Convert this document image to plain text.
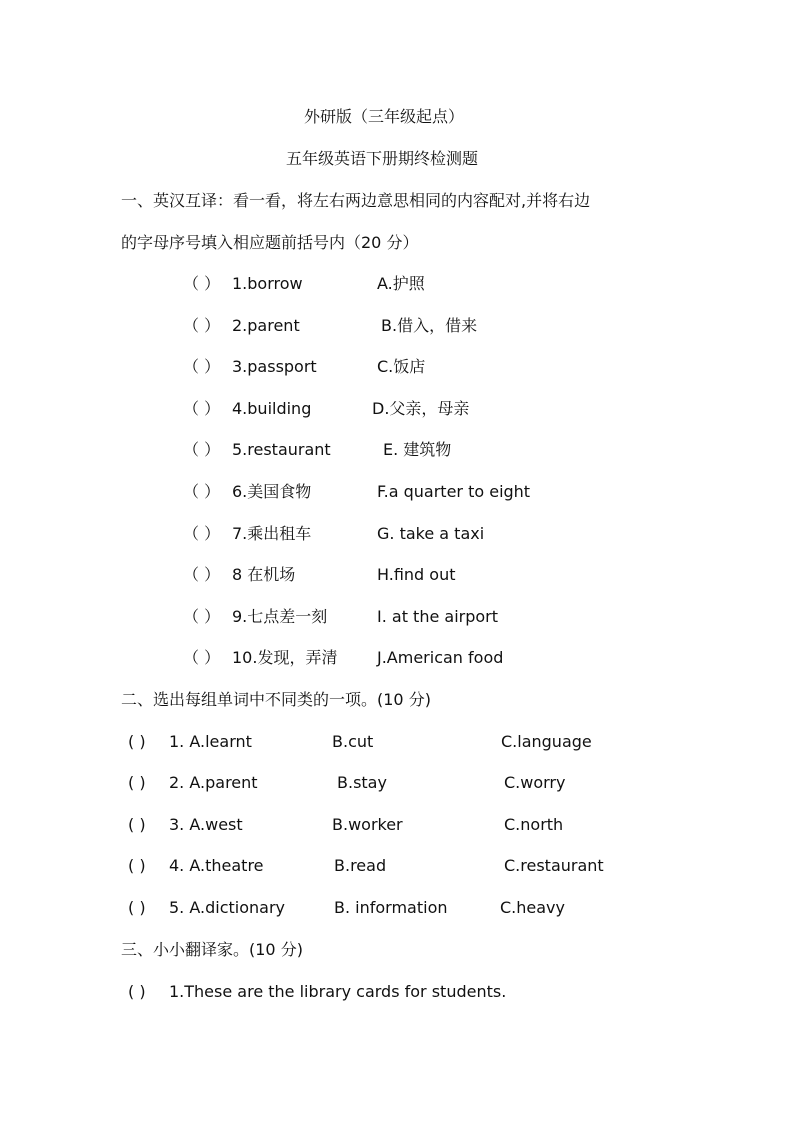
外研版（三年级起点）
五年级英语下册期终检测题
一、英汉互译：看一看，将左右两边意思相同的内容配对,并将右边
的字母序号填入相应题前括号内（20 分）
（ ） 1.borrow	A.护照
（ ） 2.parent	B.借入，借来
（ ） 3.passport	C.饭店
（ ） 4.building	D.父亲，母亲
（ ） 5.restaurant	E. 建筑物
（ ） 6.美国食物	F.a quarter to eight
（ ） 7.乘出租车	G. take a taxi
（ ） 8 在机场	H.find out
（ ） 9.七点差一刻	I. at the airport
（ ） 10.发现，弄清 J.American food
二、选出每组单词中不同类的一项。(10 分)
( ) 1. A.learnt	B.cut	C.language
( ) 2. A.parent	B.stay	C.worry
( ) 3. A.west	B.worker	C.north
( ) 4. A.theatre	B.read	C.restaurant
( ) 5. A.dictionary	B. information	C.heavy
三、小小翻译家。(10 分)
( ) 1.These are the library cards for students.
